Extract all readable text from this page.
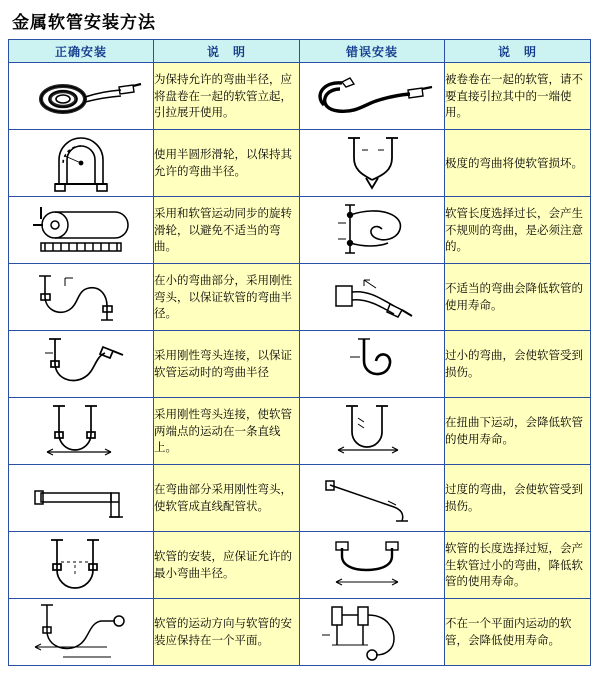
金属软管安装方法
正确安装	说　明	错误安装	说　明

	为保持允许的弯曲半径，应将盘卷在一起的软管立起，引拉展开使用。		被卷卷在一起的软管，请不要直接引拉其中的一端使用。

	使用半圆形滑轮，以保持其允许的弯曲半径。		极度的弯曲将使软管损坏。

	采用和软管运动同步的旋转滑轮，以避免不适当的弯曲。		软管长度选择过长，会产生不规则的弯曲，是必须注意的。

	在小的弯曲部分，采用刚性弯头，以保证软管的弯曲半径。		不适当的弯曲会降低软管的使用寿命。

	采用刚性弯头连接，以保证软管运动时的弯曲半径		过小的弯曲，会使软管受到损伤。

	采用刚性弯头连接，使软管两端点的运动在一条直线上。		在扭曲下运动，会降低软管的使用寿命。

	在弯曲部分采用刚性弯头，使软管成直线配管状。		过度的弯曲，会使软管受到损伤。

	软管的安装，应保证允许的最小弯曲半径。		软管的长度选择过短，会产生软管过小的弯曲，降低软管的使用寿命。

	软管的运动方向与软管的安装应保持在一个平面。		不在一个平面内运动的软管，会降低使用寿命。
